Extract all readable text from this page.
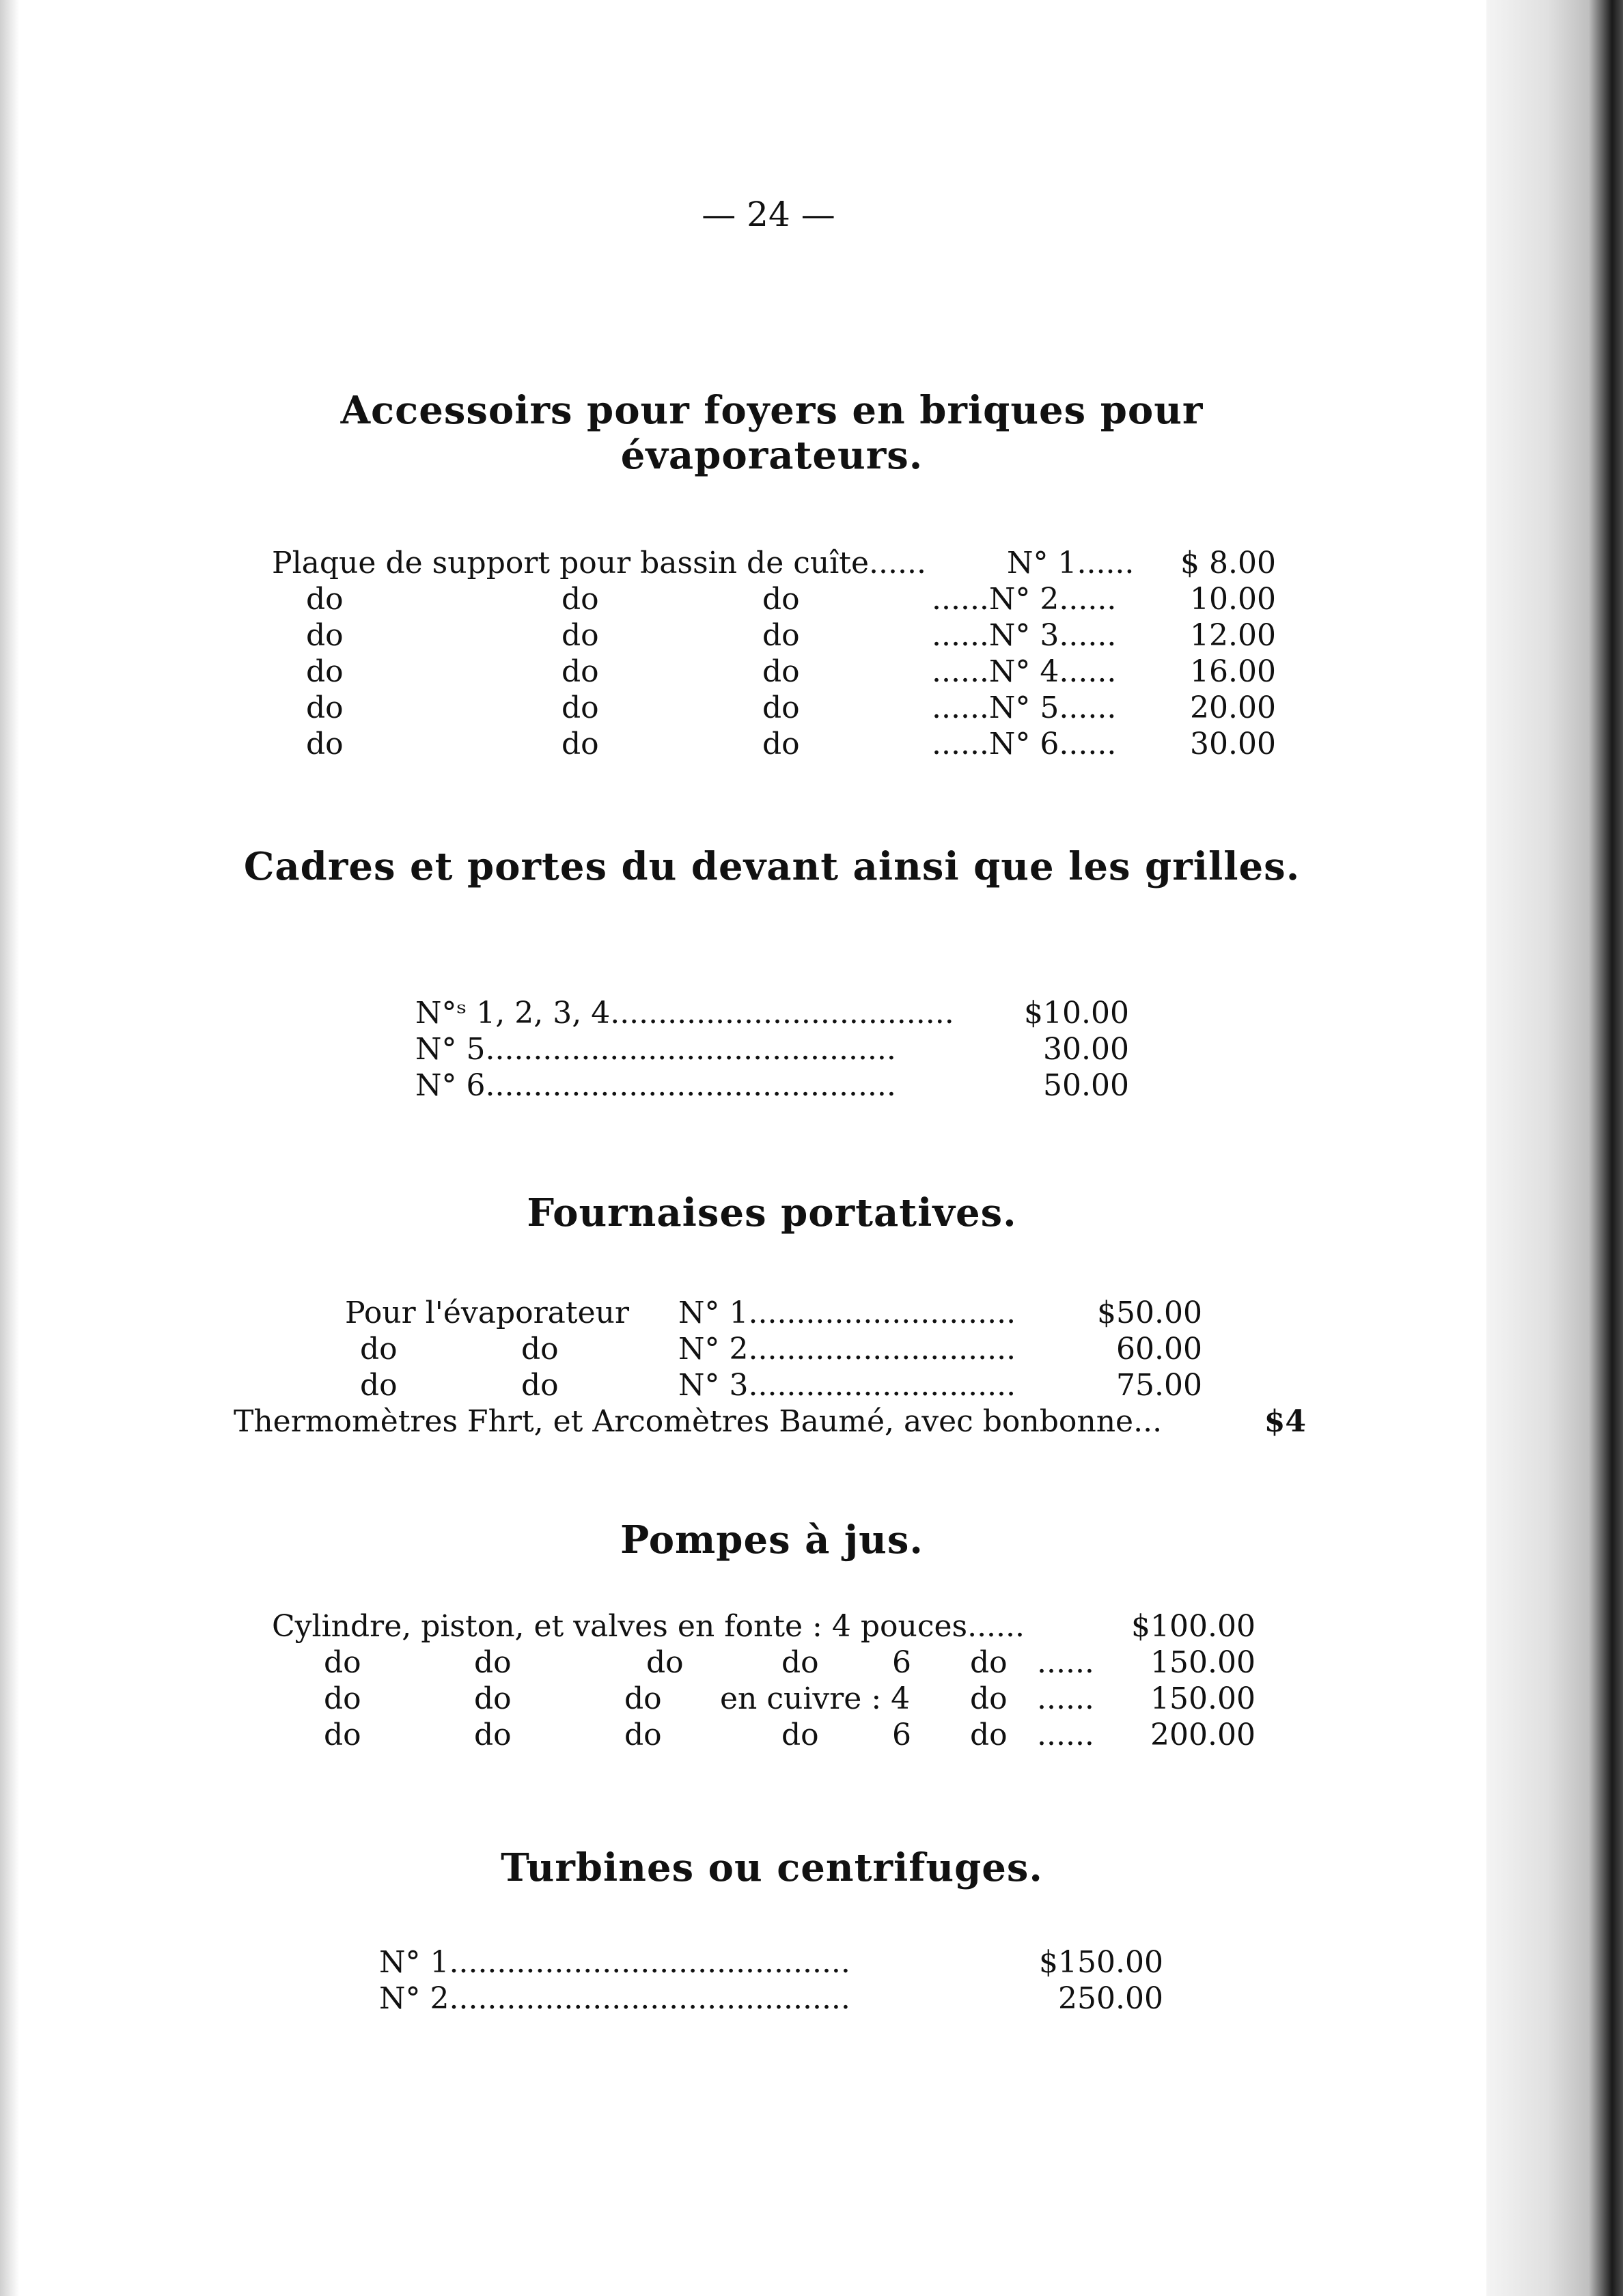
— 24 —
Accessoirs pour foyers en briques pour évaporateurs.
Plaque de support pour bassin de cuîte......	N° 1...... $ 8.00
do	do	do	......N° 2...... 10.00
do	do	do	......N° 3...... 12.00
do	do	do	......N° 4...... 16.00
do	do	do	......N° 5...... 20.00
do	do	do	......N° 6...... 30.00
Cadres et portes du devant ainsi que les grilles.
N°ˢ 1, 2, 3, 4.................................... $10.00
N° 5...........................................	30.00
N° 6...........................................	50.00
Fournaises portatives.
Pour l'évaporateur N° 1............................	$50.00
do	do	N° 2............................	60.00
do	do	N° 3............................	75.00
Thermomètres Fhrt, et Arcomètres Baumé, avec bonbonne...	$4
Pompes à jus.
Cylindre, piston, et valves en fonte : 4 pouces......	$100.00
do	do	do	do 6 do ...... 150.00
do	do	do en cuivre : 4 do ...... 150.00
do	do	do	do 6 do ...... 200.00
Turbines ou centrifuges.
N° 1..........................................	$150.00
N° 2..........................................	250.00
